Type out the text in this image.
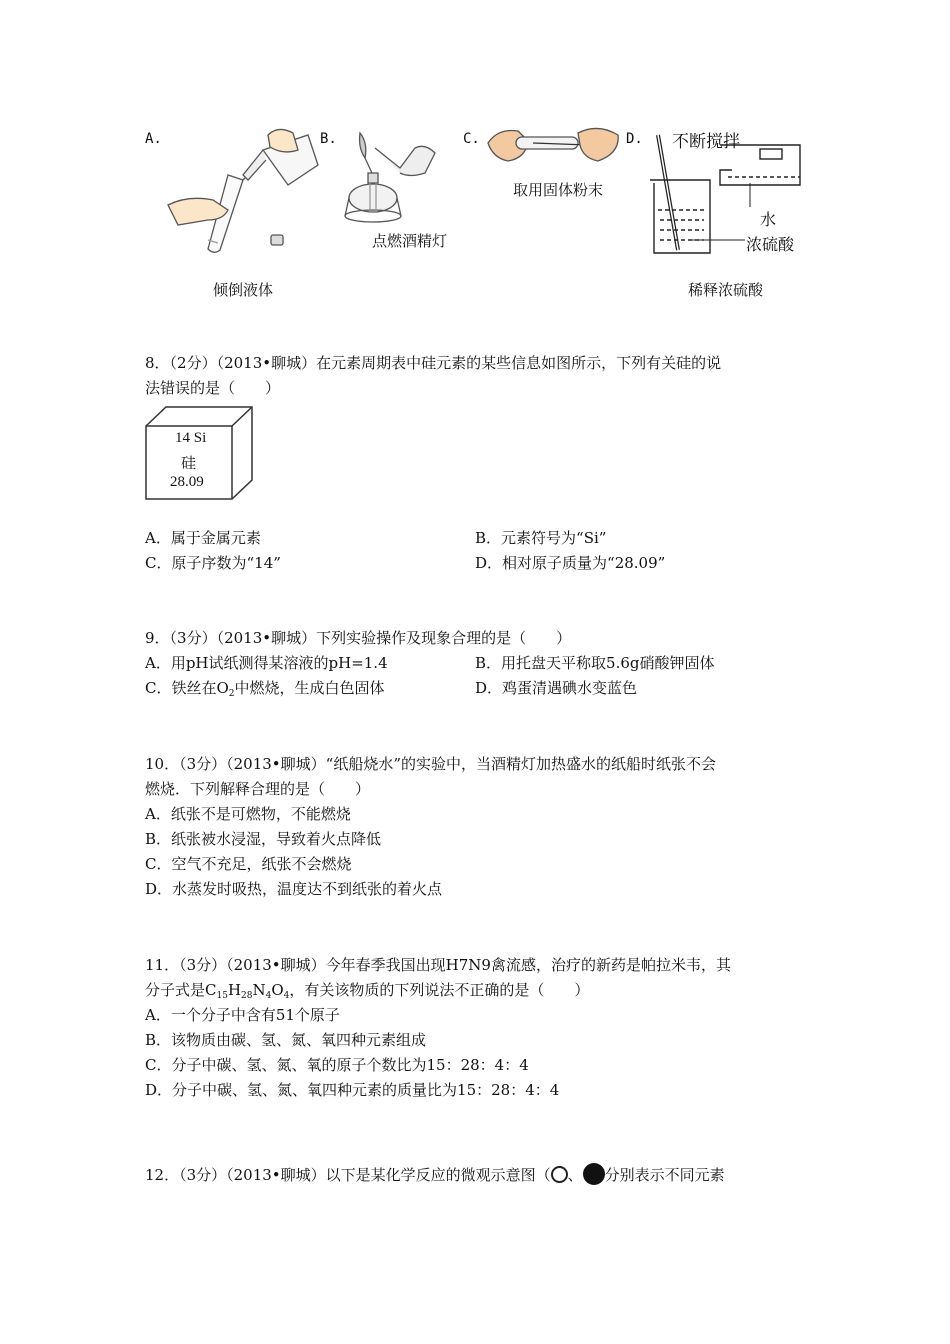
A.	B.	C.	D. 不断搅拌
水
浓硫酸
倾倒液体
点燃酒精灯
取用固体粉末
稀释浓硫酸
8．（2分）（2013•聊城）在元素周期表中硅元素的某些信息如图所示，下列有关硅的说
法错误的是（　　）
14 Si
硅
28.09
A．属于金属元素	B．元素符号为“Si”
C．原子序数为“14”	D．相对原子质量为“28.09”
9．（3分）（2013•聊城）下列实验操作及现象合理的是（　　）
A．用pH试纸测得某溶液的pH=1.4	B．用托盘天平称取5.6g硝酸钾固体
C．铁丝在$O_2$中燃烧，生成白色固体	D．鸡蛋清遇碘水变蓝色
10．（3分）（2013•聊城）“纸船烧水”的实验中，当酒精灯加热盛水的纸船时纸张不会
燃烧．下列解释合理的是（　　）
A．纸张不是可燃物，不能燃烧
B．纸张被水浸湿，导致着火点降低
C．空气不充足，纸张不会燃烧
D．水蒸发时吸热，温度达不到纸张的着火点
11．（3分）（2013•聊城）今年春季我国出现H7N9禽流感，治疗的新药是帕拉米韦，其
分子式是$C_{15}H_{28}N_4O_4$，有关该物质的下列说法不正确的是（　　）
A．一个分子中含有51个原子
B．该物质由碳、氢、氮、氧四种元素组成
C．分子中碳、氢、氮、氧的原子个数比为15：28：4：4
D．分子中碳、氢、氮、氧四种元素的质量比为15：28：4：4
12．（3分）（2013•聊城）以下是某化学反应的微观示意图（ 、 分别表示不同元素
